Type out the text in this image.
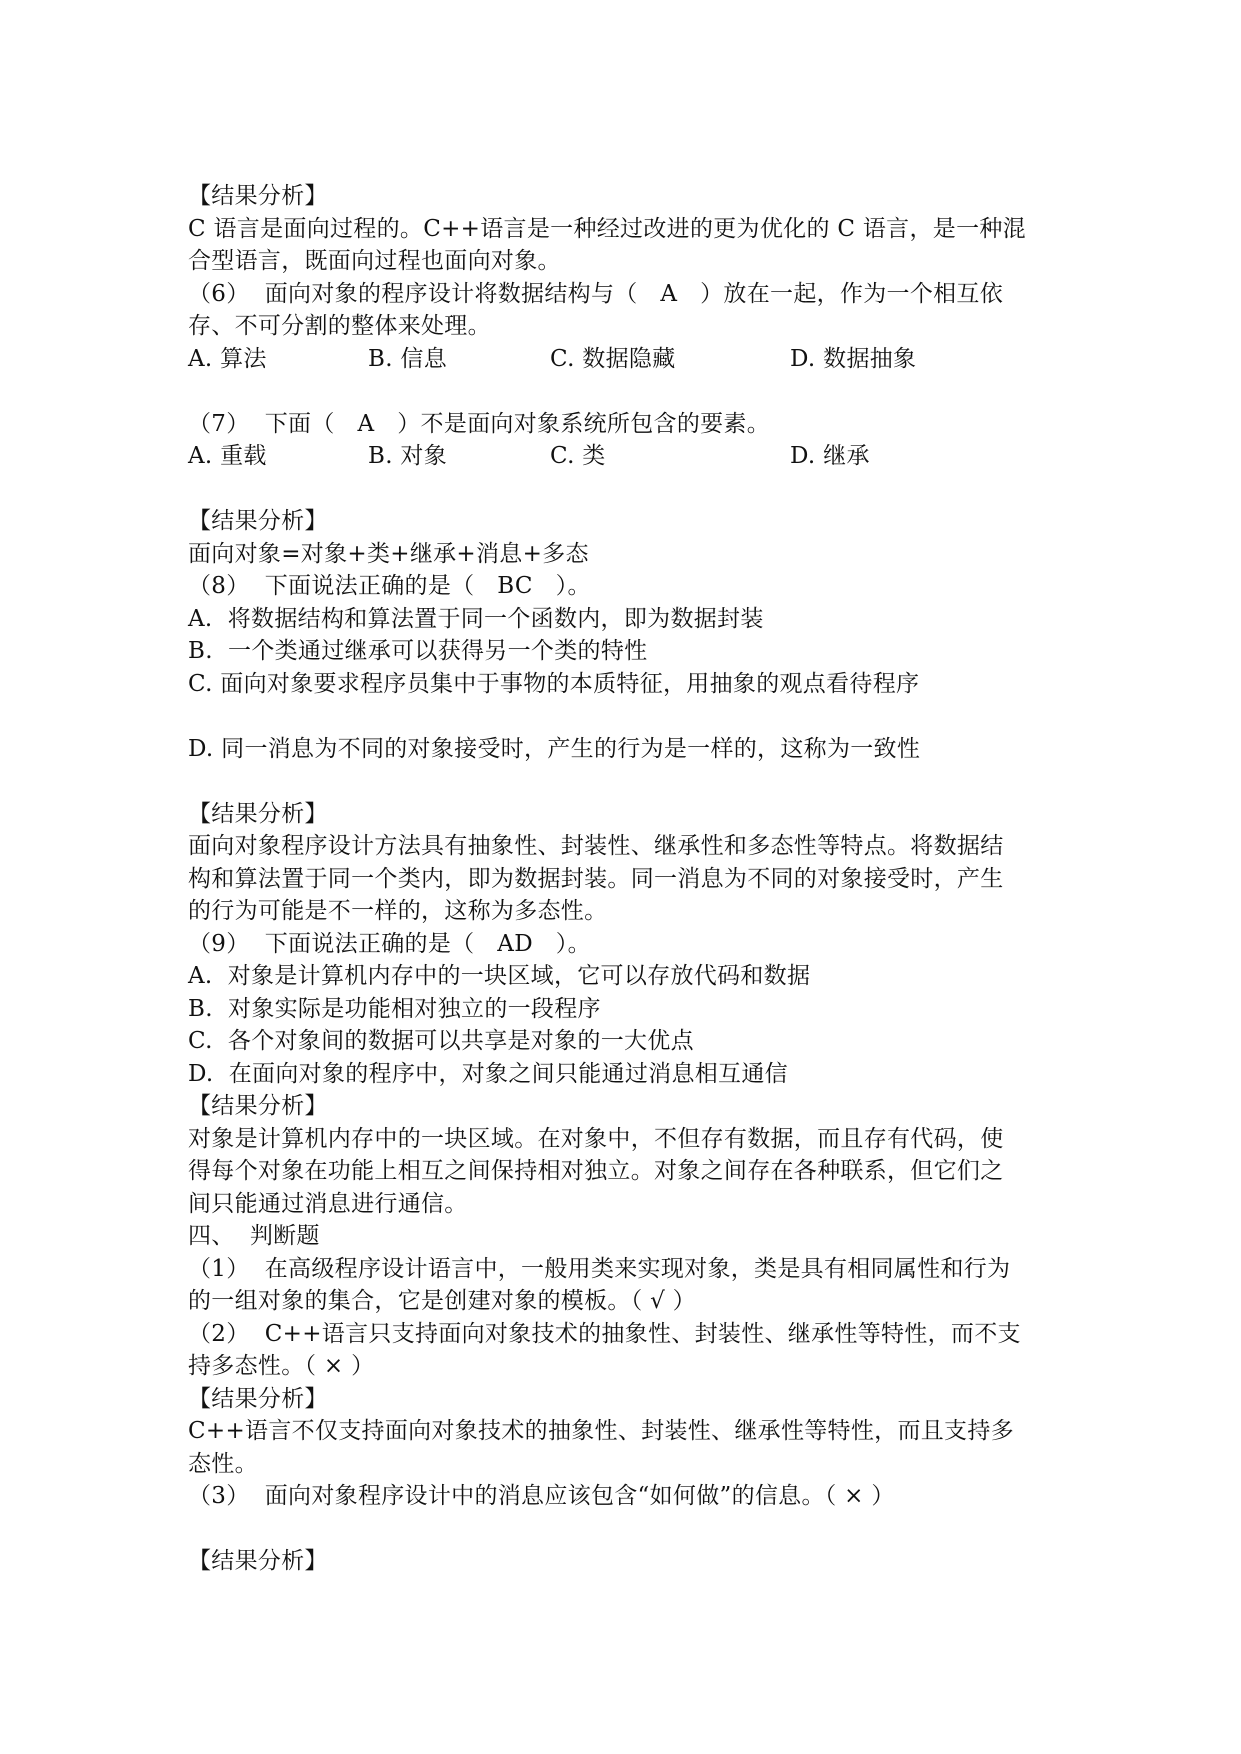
【结果分析】

C 语言是面向过程的。C++语言是一种经过改进的更为优化的 C 语言，是一种混

合型语言，既面向过程也面向对象。

（6）  面向对象的程序设计将数据结构与（   A   ）放在一起，作为一个相互依

存、不可分割的整体来处理。

A. 算法	B. 信息	C. 数据隐藏	D. 数据抽象

（7）  下面（   A   ）不是面向对象系统所包含的要素。

A. 重载	B. 对象	C. 类	D. 继承

【结果分析】

面向对象=对象+类+继承+消息+多态

（8）  下面说法正确的是（   BC   ）。

A.  将数据结构和算法置于同一个函数内，即为数据封装

B.  一个类通过继承可以获得另一个类的特性

C. 面向对象要求程序员集中于事物的本质特征，用抽象的观点看待程序

D. 同一消息为不同的对象接受时，产生的行为是一样的，这称为一致性

【结果分析】

面向对象程序设计方法具有抽象性、封装性、继承性和多态性等特点。将数据结

构和算法置于同一个类内，即为数据封装。同一消息为不同的对象接受时，产生

的行为可能是不一样的，这称为多态性。

（9）  下面说法正确的是（   AD   ）。

A.  对象是计算机内存中的一块区域，它可以存放代码和数据

B.  对象实际是功能相对独立的一段程序

C.  各个对象间的数据可以共享是对象的一大优点

D.  在面向对象的程序中，对象之间只能通过消息相互通信

【结果分析】

对象是计算机内存中的一块区域。在对象中，不但存有数据，而且存有代码，使

得每个对象在功能上相互之间保持相对独立。对象之间存在各种联系，但它们之

间只能通过消息进行通信。

四、  判断题

（1）  在高级程序设计语言中，一般用类来实现对象，类是具有相同属性和行为

的一组对象的集合，它是创建对象的模板。（ √ ）

（2）  C++语言只支持面向对象技术的抽象性、封装性、继承性等特性，而不支

持多态性。（ × ）

【结果分析】

C++语言不仅支持面向对象技术的抽象性、封装性、继承性等特性，而且支持多

态性。

（3）  面向对象程序设计中的消息应该包含“如何做”的信息。（ × ）

【结果分析】
